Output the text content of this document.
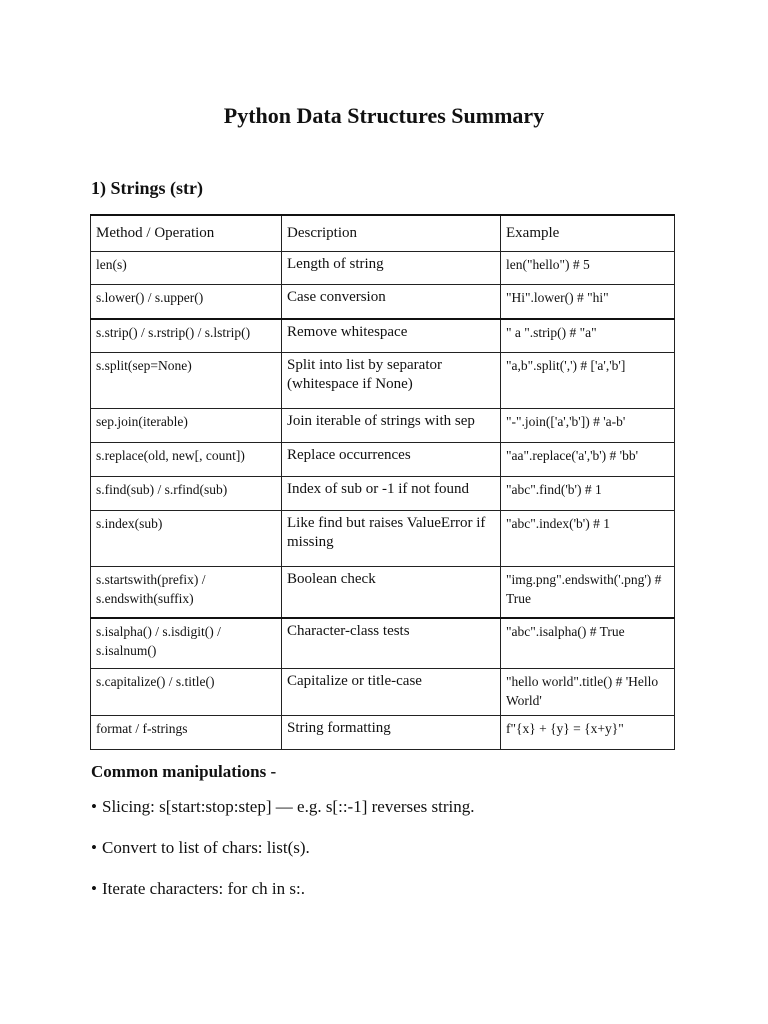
Python Data Structures Summary
1) Strings (str)
Method / Operation	Description	Example
len(s)	Length of string	len("hello") # 5
s.lower() / s.upper()	Case conversion	"Hi".lower() # "hi"
s.strip() / s.rstrip() / s.lstrip()	Remove whitespace	" a ".strip() # "a"
s.split(sep=None)	Split into list by separator (whitespace if None)	"a,b".split(',') # ['a','b']
sep.join(iterable)	Join iterable of strings with sep	"-".join(['a','b']) # 'a-b'
s.replace(old, new[, count])	Replace occurrences	"aa".replace('a','b') # 'bb'
s.find(sub) / s.rfind(sub)	Index of sub or -1 if not found	"abc".find('b') # 1
s.index(sub)	Like find but raises ValueError if missing	"abc".index('b') # 1
s.startswith(prefix) / s.endswith(suffix)	Boolean check	"img.png".endswith('.png') # True
s.isalpha() / s.isdigit() / s.isalnum()	Character-class tests	"abc".isalpha() # True
s.capitalize() / s.title()	Capitalize or title-case	"hello world".title() # 'Hello World'
format / f-strings	String formatting	f"{x} + {y} = {x+y}"
Common manipulations -
• Slicing: s[start:stop:step] — e.g. s[::-1] reverses string.
• Convert to list of chars: list(s).
• Iterate characters: for ch in s:.
